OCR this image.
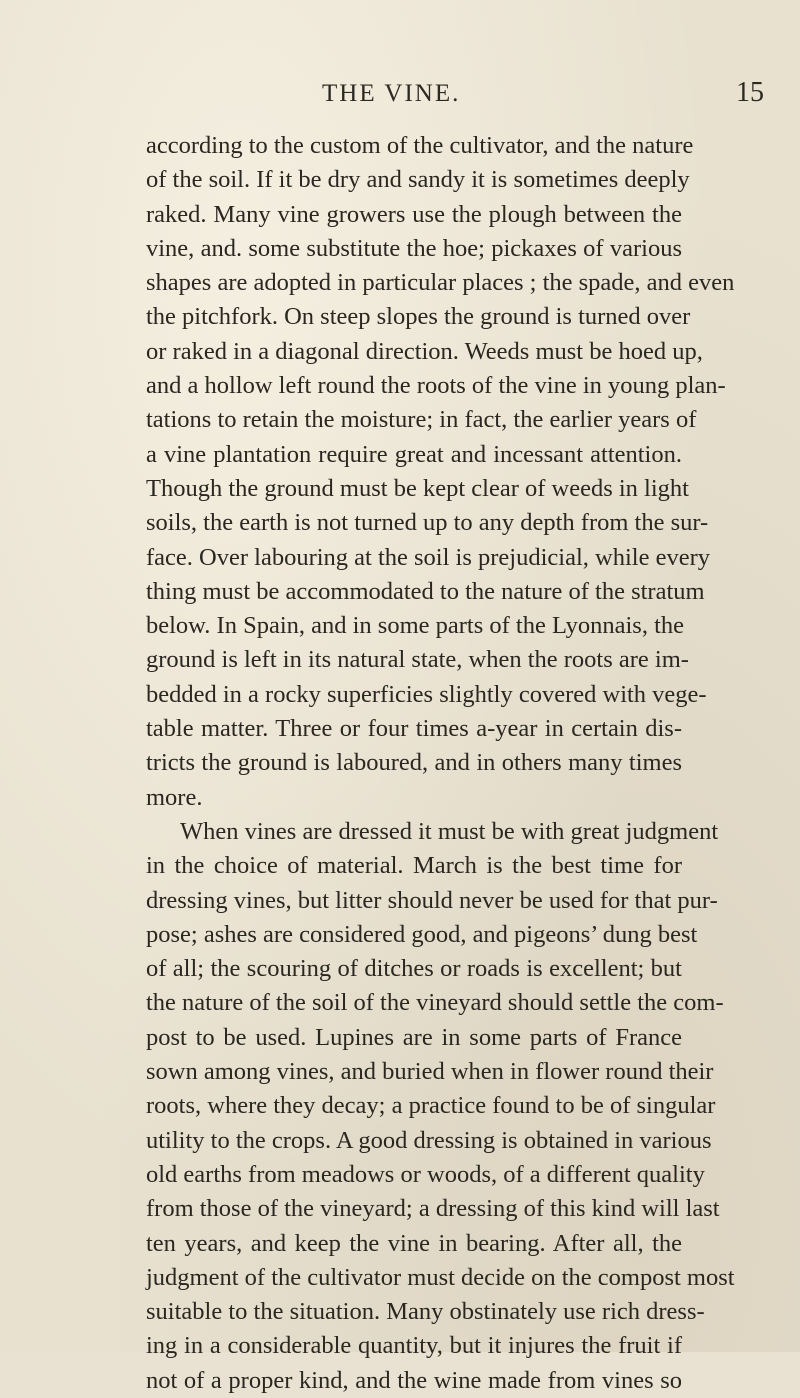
THE VINE.	15
according to the custom of the cultivator, and the nature
of the soil. If it be dry and sandy it is sometimes deeply
raked. Many vine growers use the plough between the
vine, and. some substitute the hoe; pickaxes of various
shapes are adopted in particular places ; the spade, and even
the pitchfork. On steep slopes the ground is turned over
or raked in a diagonal direction. Weeds must be hoed up,
and a hollow left round the roots of the vine in young plan-
tations to retain the moisture; in fact, the earlier years of
a vine plantation require great and incessant attention.
Though the ground must be kept clear of weeds in light
soils, the earth is not turned up to any depth from the sur-
face. Over labouring at the soil is prejudicial, while every
thing must be accommodated to the nature of the stratum
below. In Spain, and in some parts of the Lyonnais, the
ground is left in its natural state, when the roots are im-
bedded in a rocky superficies slightly covered with vege-
table matter. Three or four times a-year in certain dis-
tricts the ground is laboured, and in others many times
more.
When vines are dressed it must be with great judgment
in the choice of material. March is the best time for
dressing vines, but litter should never be used for that pur-
pose; ashes are considered good, and pigeons’ dung best
of all; the scouring of ditches or roads is excellent; but
the nature of the soil of the vineyard should settle the com-
post to be used. Lupines are in some parts of France
sown among vines, and buried when in flower round their
roots, where they decay; a practice found to be of singular
utility to the crops. A good dressing is obtained in various
old earths from meadows or woods, of a different quality
from those of the vineyard; a dressing of this kind will last
ten years, and keep the vine in bearing. After all, the
judgment of the cultivator must decide on the compost most
suitable to the situation. Many obstinately use rich dress-
ing in a considerable quantity, but it injures the fruit if
not of a proper kind, and the wine made from vines so
